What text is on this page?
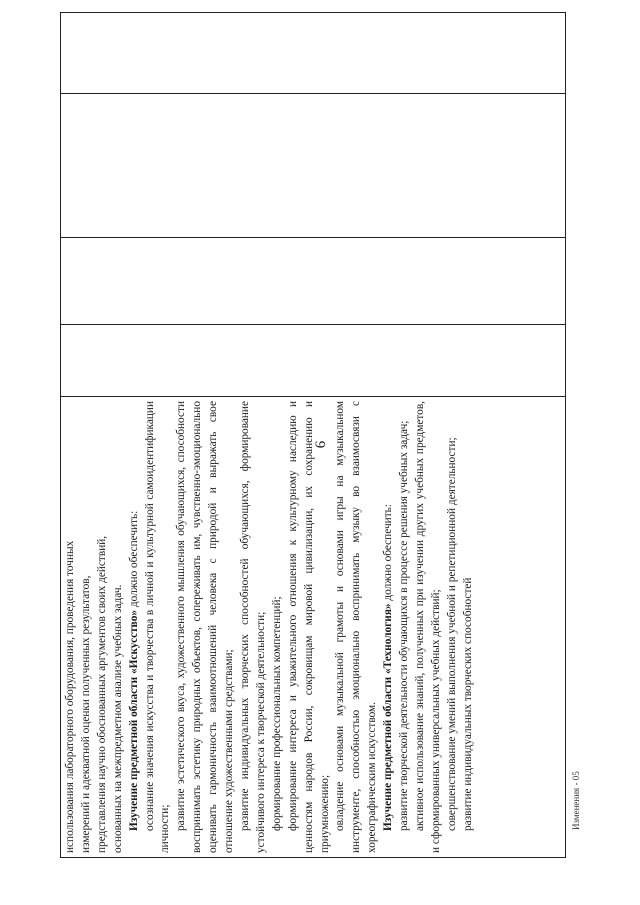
9

использования лабораторного оборудования, проведения точных измерений и адекватной оценки полученных результатов, представления научно обоснованных аргументов своих действий, основанных на межпредметном анализе учебных задач. Изучение предметной области «Искусство» должно обеспечить: осознание значения искусства и творчества в личной и культурной самоидентификации личности; развитие эстетического вкуса, художественного мышления обучающихся, способности воспринимать эстетику природных объектов, сопереживать им, чувственно-эмоционально оценивать гармоничность взаимоотношений человека с природой и выражать свое отношение художественными средствами; развитие индивидуальных творческих способностей обучающихся, формирование устойчивого интереса к творческой деятельности; формирование профессиональных компетенций; формирование интереса и уважительного отношения к культурному наследию и ценностям народов России, сокровищам мировой цивилизации, их сохранению и приумножению; овладение основами музыкальной грамоты и основами игры на музыкальном инструменте, способностью эмоционально воспринимать музыку во взаимосвязи с хореографическим искусством. Изучение предметной области «Технология» должно обеспечить: развитие творческой деятельности обучающихся в процессе решения учебных задач; активное использование знаний, полученных при изучении других учебных предметов, и сформированных универсальных учебных действий; совершенствование умений выполнения учебной и репетиционной деятельности; развитие индивидуальных творческих способностей

					Изменения - 05
